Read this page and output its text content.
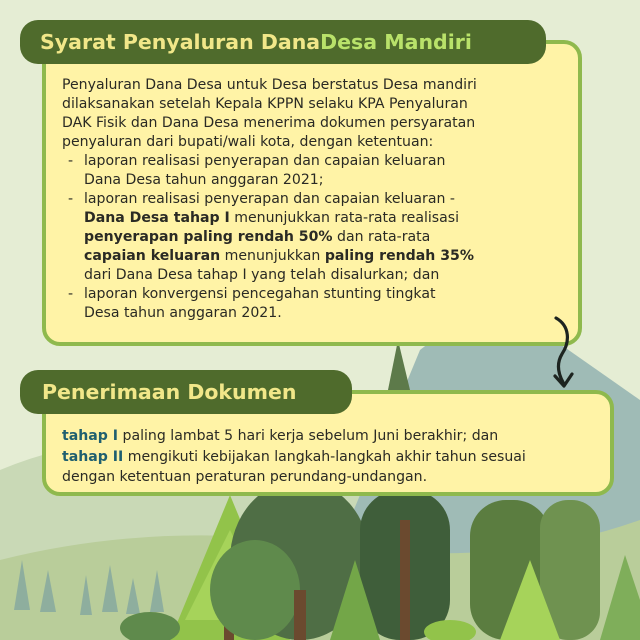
Penyaluran Dana Desa untuk Desa berstatus Desa mandiri
dilaksanakan setelah Kepala KPPN selaku KPA Penyaluran
DAK Fisik dan Dana Desa menerima dokumen persyaratan
penyaluran dari bupati/wali kota, dengan ketentuan:
- laporan realisasi penyerapan dan capaian keluaran
Dana Desa tahun anggaran 2021;
- laporan realisasi penyerapan dan capaian keluaran -
Dana Desa tahap I menunjukkan rata-rata realisasi
penyerapan paling rendah 50% dan rata-rata
capaian keluaran menunjukkan paling rendah 35%
dari Dana Desa tahap I yang telah disalurkan; dan
- laporan konvergensi pencegahan stunting tingkat
Desa tahun anggaran 2021.
Syarat Penyaluran Dana Desa Mandiri
tahap I paling lambat 5 hari kerja sebelum Juni berakhir; dan
tahap II mengikuti kebijakan langkah-langkah akhir tahun sesuai
dengan ketentuan peraturan perundang-undangan.
Penerimaan Dokumen
